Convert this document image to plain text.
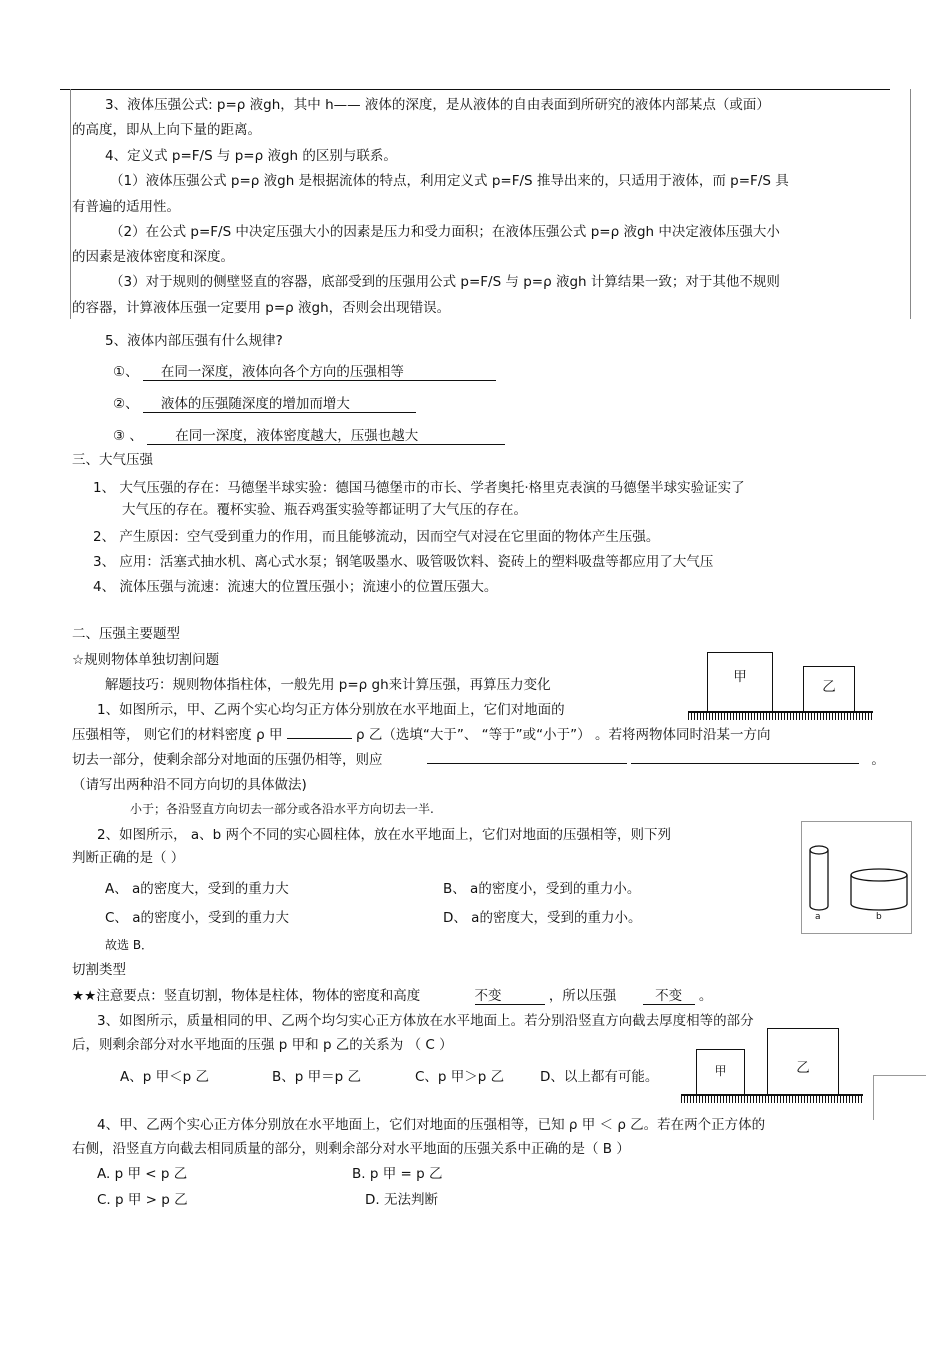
3、液体压强公式: p=ρ 液gh，其中 h—— 液体的深度，是从液体的自由表面到所研究的液体内部某点（或面）
的高度，即从上向下量的距离。
4、定义式 p=F/S 与 p=ρ 液gh 的区别与联系。
（1）液体压强公式 p=ρ 液gh 是根据流体的特点，利用定义式 p=F/S 推导出来的，只适用于液体，而 p=F/S 具
有普遍的适用性。
（2）在公式 p=F/S 中决定压强大小的因素是压力和受力面积；在液体压强公式 p=ρ 液gh 中决定液体压强大小
的因素是液体密度和深度。
（3）对于规则的侧壁竖直的容器，底部受到的压强用公式 p=F/S 与 p=ρ 液gh 计算结果一致；对于其他不规则
的容器，计算液体压强一定要用 p=ρ 液gh，否则会出现错误。
5、液体内部压强有什么规律?
①、 在同一深度，液体向各个方向的压强相等
②、 液体的压强随深度的增加而增大
③ 、 在同一深度，液体密度越大，压强也越大
三、大气压强
1、 大气压强的存在：马德堡半球实验：德国马德堡市的市长、学者奥托·格里克表演的马德堡半球实验证实了
大气压的存在。覆杯实验、瓶吞鸡蛋实验等都证明了大气压的存在。
2、 产生原因：空气受到重力的作用，而且能够流动，因而空气对浸在它里面的物体产生压强。
3、 应用：活塞式抽水机、离心式水泵；钢笔吸墨水、吸管吸饮料、瓷砖上的塑料吸盘等都应用了大气压
4、 流体压强与流速：流速大的位置压强小；流速小的位置压强大。
二、压强主要题型
☆规则物体单独切割问题
解题技巧：规则物体指柱体，一般先用 p=ρ gh来计算压强，再算压力变化	甲
乙
1、如图所示，甲、乙两个实心均匀正方体分别放在水平地面上，它们对地面的
压强相等， 则它们的材料密度 ρ 甲	ρ 乙（选填“大于”、 “等于”或“小于”） 。若将两物体同时沿某一方向
切去一部分，使剩余部分对地面的压强仍相等，则应	。
（请写出两种沿不同方向切的具体做法)
小于；各沿竖直方向切去一部分或各沿水平方向切去一半.
a	b
2、如图所示， a、b 两个不同的实心圆柱体，放在水平地面上，它们对地面的压强相等，则下列
判断正确的是（ ）
A、 a的密度大，受到的重力大	B、 a的密度小，受到的重力小。
C、 a的密度小，受到的重力大	D、 a的密度大，受到的重力小。
故选 B．
切割类型
★★注意要点：竖直切割，物体是柱体，物体的密度和高度	不变	，所以压强	不变 。
3、如图所示，质量相同的甲、乙两个均匀实心正方体放在水平地面上。若分别沿竖直方向截去厚度相等的部分
后，则剩余部分对水平地面的压强 p 甲和 p 乙的关系为 （ C ）
A、p 甲＜p 乙	B、p 甲＝p 乙	C、p 甲＞p 乙	D、以上都有可能。	甲	乙
4、甲、乙两个实心正方体分别放在水平地面上，它们对地面的压强相等，已知 ρ 甲 ＜ ρ 乙。若在两个正方体的
右侧，沿竖直方向截去相同质量的部分，则剩余部分对水平地面的压强关系中正确的是（ B ）
A. p 甲 < p 乙	B. p 甲 = p 乙
C. p 甲 > p 乙	D. 无法判断
